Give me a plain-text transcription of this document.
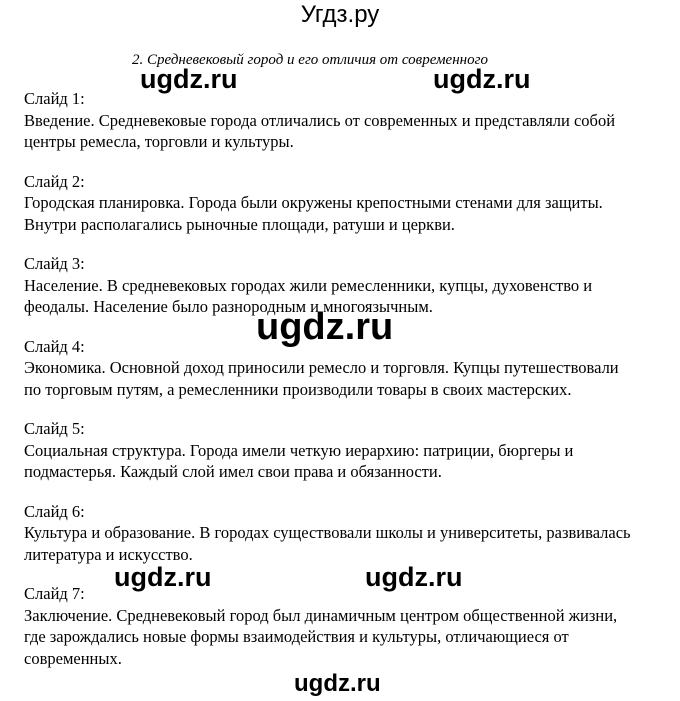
Угдз.ру
2. Средневековый город и его отличия от современного
Слайд 1:
Введение. Средневековые города отличались от современных и представляли собой
центры ремесла, торговли и культуры.
Слайд 2:
Городская планировка. Города были окружены крепостными стенами для защиты.
Внутри располагались рыночные площади, ратуши и церкви.
Слайд 3:
Население. В средневековых городах жили ремесленники, купцы, духовенство и
феодалы. Население было разнородным и многоязычным.
Слайд 4:
Экономика. Основной доход приносили ремесло и торговля. Купцы путешествовали
по торговым путям, а ремесленники производили товары в своих мастерских.
Слайд 5:
Социальная структура. Города имели четкую иерархию: патриции, бюргеры и
подмастерья. Каждый слой имел свои права и обязанности.
Слайд 6:
Культура и образование. В городах существовали школы и университеты, развивалась
литература и искусство.
Слайд 7:
Заключение. Средневековый город был динамичным центром общественной жизни,
где зарождались новые формы взаимодействия и культуры, отличающиеся от
современных.
ugdz.ru	ugdz.ru
ugdz.ru
ugdz.ru	ugdz.ru
ugdz.ru
